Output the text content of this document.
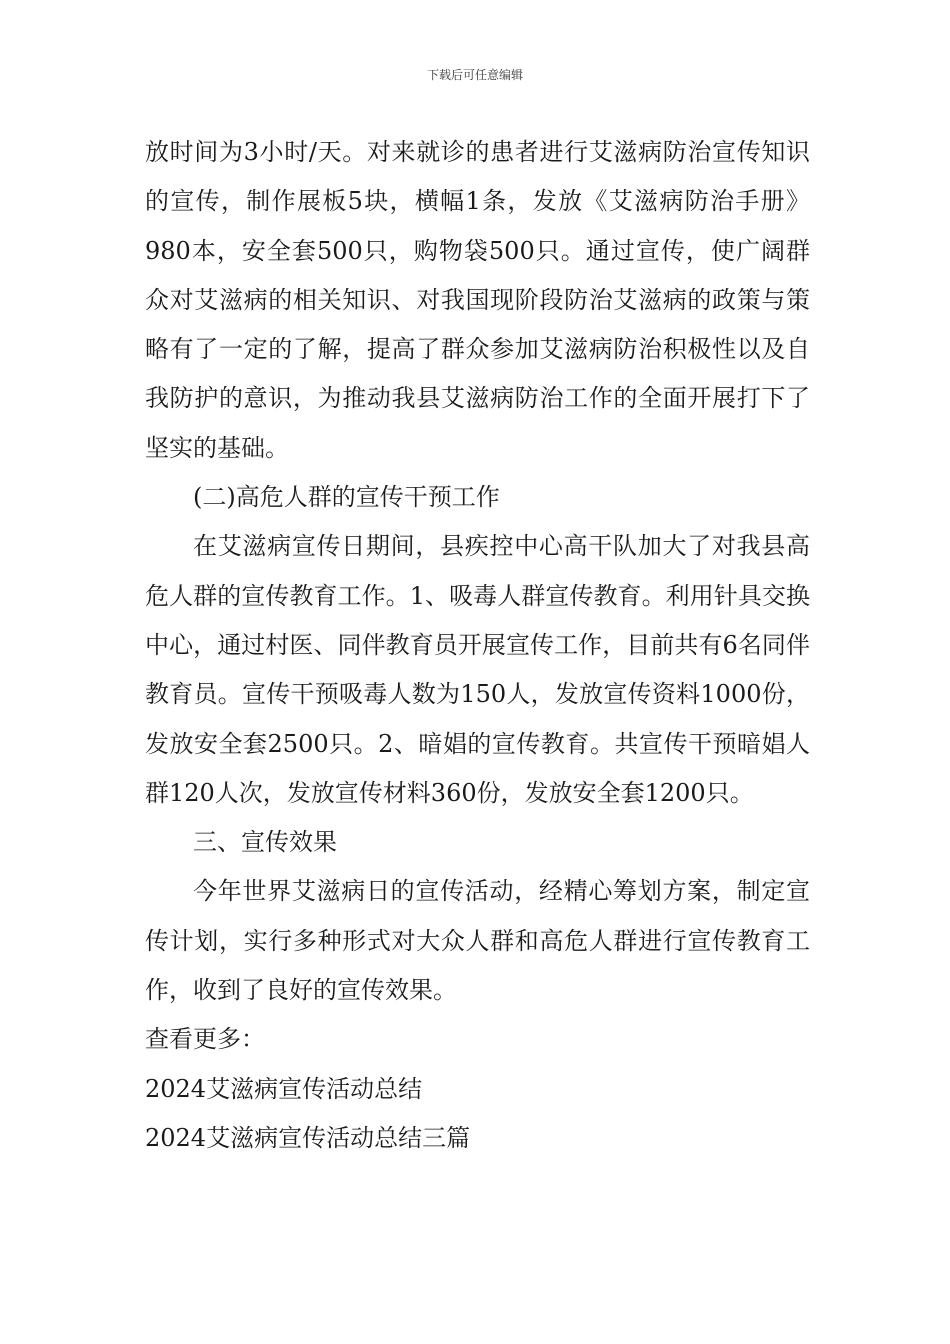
下载后可任意编辑

放时间为3小时/天。对来就诊的患者进行艾滋病防治宣传知识的宣传，制作展板5块，横幅1条，发放《艾滋病防治手册》980本，安全套500只，购物袋500只。通过宣传，使广阔群众对艾滋病的相关知识、对我国现阶段防治艾滋病的政策与策略有了一定的了解，提高了群众参加艾滋病防治积极性以及自我防护的意识，为推动我县艾滋病防治工作的全面开展打下了坚实的基础。

(二)高危人群的宣传干预工作

在艾滋病宣传日期间，县疾控中心高干队加大了对我县高危人群的宣传教育工作。1、吸毒人群宣传教育。利用针具交换中心，通过村医、同伴教育员开展宣传工作，目前共有6名同伴教育员。宣传干预吸毒人数为150人，发放宣传资料1000份，发放安全套2500只。2、暗娼的宣传教育。共宣传干预暗娼人群120人次，发放宣传材料360份，发放安全套1200只。

三、宣传效果

今年世界艾滋病日的宣传活动，经精心筹划方案，制定宣传计划，实行多种形式对大众人群和高危人群进行宣传教育工作，收到了良好的宣传效果。

查看更多：

2024艾滋病宣传活动总结

2024艾滋病宣传活动总结三篇
